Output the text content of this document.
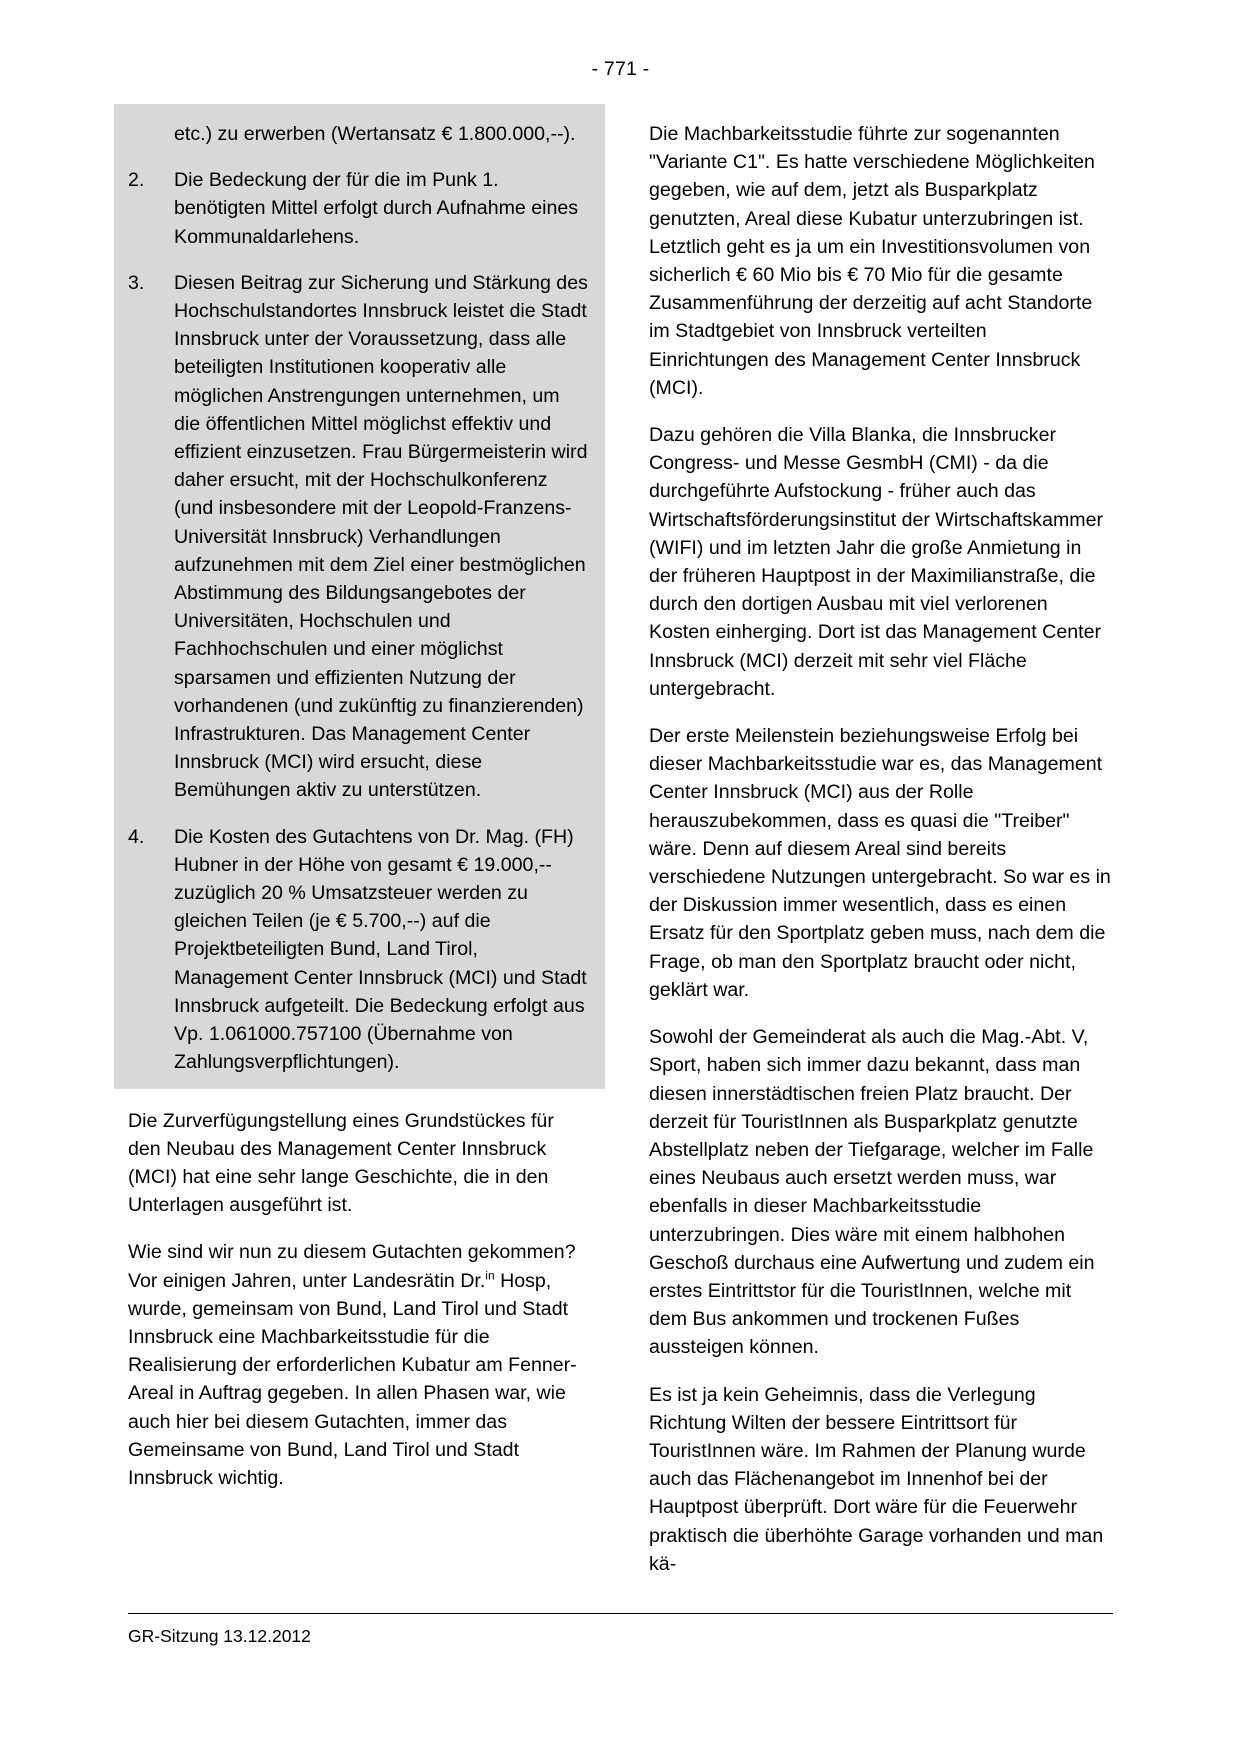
- 771 -
etc.) zu erwerben (Wertansatz € 1.800.000,--).
2.	Die Bedeckung der für die im Punk 1. benötigten Mittel erfolgt durch Aufnahme eines Kommunaldarlehens.
3.	Diesen Beitrag zur Sicherung und Stärkung des Hochschulstandortes Innsbruck leistet die Stadt Innsbruck unter der Voraussetzung, dass alle beteiligten Institutionen kooperativ alle möglichen Anstrengungen unternehmen, um die öffentlichen Mittel möglichst effektiv und effizient einzusetzen. Frau Bürgermeisterin wird daher ersucht, mit der Hochschulkonferenz (und insbesondere mit der Leopold-Franzens-Universität Innsbruck) Verhandlungen aufzunehmen mit dem Ziel einer bestmöglichen Abstimmung des Bildungsangebotes der Universitäten, Hochschulen und Fachhochschulen und einer möglichst sparsamen und effizienten Nutzung der vorhandenen (und zukünftig zu finanzierenden) Infrastrukturen. Das Management Center Innsbruck (MCI) wird ersucht, diese Bemühungen aktiv zu unterstützen.
4.	Die Kosten des Gutachtens von Dr. Mag. (FH) Hubner in der Höhe von gesamt € 19.000,-- zuzüglich 20 % Umsatzsteuer werden zu gleichen Teilen (je € 5.700,--) auf die Projektbeteiligten Bund, Land Tirol, Management Center Innsbruck (MCI) und Stadt Innsbruck aufgeteilt. Die Bedeckung erfolgt aus Vp. 1.061000.757100 (Übernahme von Zahlungsverpflichtungen).

Die Zurverfügungstellung eines Grundstückes für den Neubau des Management Center Innsbruck (MCI) hat eine sehr lange Geschichte, die in den Unterlagen ausgeführt ist.

Wie sind wir nun zu diesem Gutachten gekommen? Vor einigen Jahren, unter Landesrätin Dr.$^{in}$ Hosp, wurde, gemeinsam von Bund, Land Tirol und Stadt Innsbruck eine Machbarkeitsstudie für die Realisierung der erforderlichen Kubatur am Fenner-Areal in Auftrag gegeben. In allen Phasen war, wie auch hier bei diesem Gutachten, immer das Gemeinsame von Bund, Land Tirol und Stadt Innsbruck wichtig.

Die Machbarkeitsstudie führte zur sogenannten "Variante C1". Es hatte verschiedene Möglichkeiten gegeben, wie auf dem, jetzt als Busparkplatz genutzten, Areal diese Kubatur unterzubringen ist. Letztlich geht es ja um ein Investitionsvolumen von sicherlich € 60 Mio bis € 70 Mio für die gesamte Zusammenführung der derzeitig auf acht Standorte im Stadtgebiet von Innsbruck verteilten Einrichtungen des Management Center Innsbruck (MCI).

Dazu gehören die Villa Blanka, die Innsbrucker Congress- und Messe GesmbH (CMI) - da die durchgeführte Aufstockung - früher auch das Wirtschaftsförderungsinstitut der Wirtschaftskammer (WIFI) und im letzten Jahr die große Anmietung in der früheren Hauptpost in der Maximilianstraße, die durch den dortigen Ausbau mit viel verlorenen Kosten einherging. Dort ist das Management Center Innsbruck (MCI) derzeit mit sehr viel Fläche untergebracht.

Der erste Meilenstein beziehungsweise Erfolg bei dieser Machbarkeitsstudie war es, das Management Center Innsbruck (MCI) aus der Rolle herauszubekommen, dass es quasi die "Treiber" wäre. Denn auf diesem Areal sind bereits verschiedene Nutzungen untergebracht. So war es in der Diskussion immer wesentlich, dass es einen Ersatz für den Sportplatz geben muss, nach dem die Frage, ob man den Sportplatz braucht oder nicht, geklärt war.

Sowohl der Gemeinderat als auch die Mag.-Abt. V, Sport, haben sich immer dazu bekannt, dass man diesen innerstädtischen freien Platz braucht. Der derzeit für TouristInnen als Busparkplatz genutzte Abstellplatz neben der Tiefgarage, welcher im Falle eines Neubaus auch ersetzt werden muss, war ebenfalls in dieser Machbarkeitsstudie unterzubringen. Dies wäre mit einem halbhohen Geschoß durchaus eine Aufwertung und zudem ein erstes Eintrittstor für die TouristInnen, welche mit dem Bus ankommen und trockenen Fußes aussteigen können.

Es ist ja kein Geheimnis, dass die Verlegung Richtung Wilten der bessere Eintrittsort für TouristInnen wäre. Im Rahmen der Planung wurde auch das Flächenangebot im Innenhof bei der Hauptpost überprüft. Dort wäre für die Feuerwehr praktisch die überhöhte Garage vorhanden und man kä-

GR-Sitzung 13.12.2012
